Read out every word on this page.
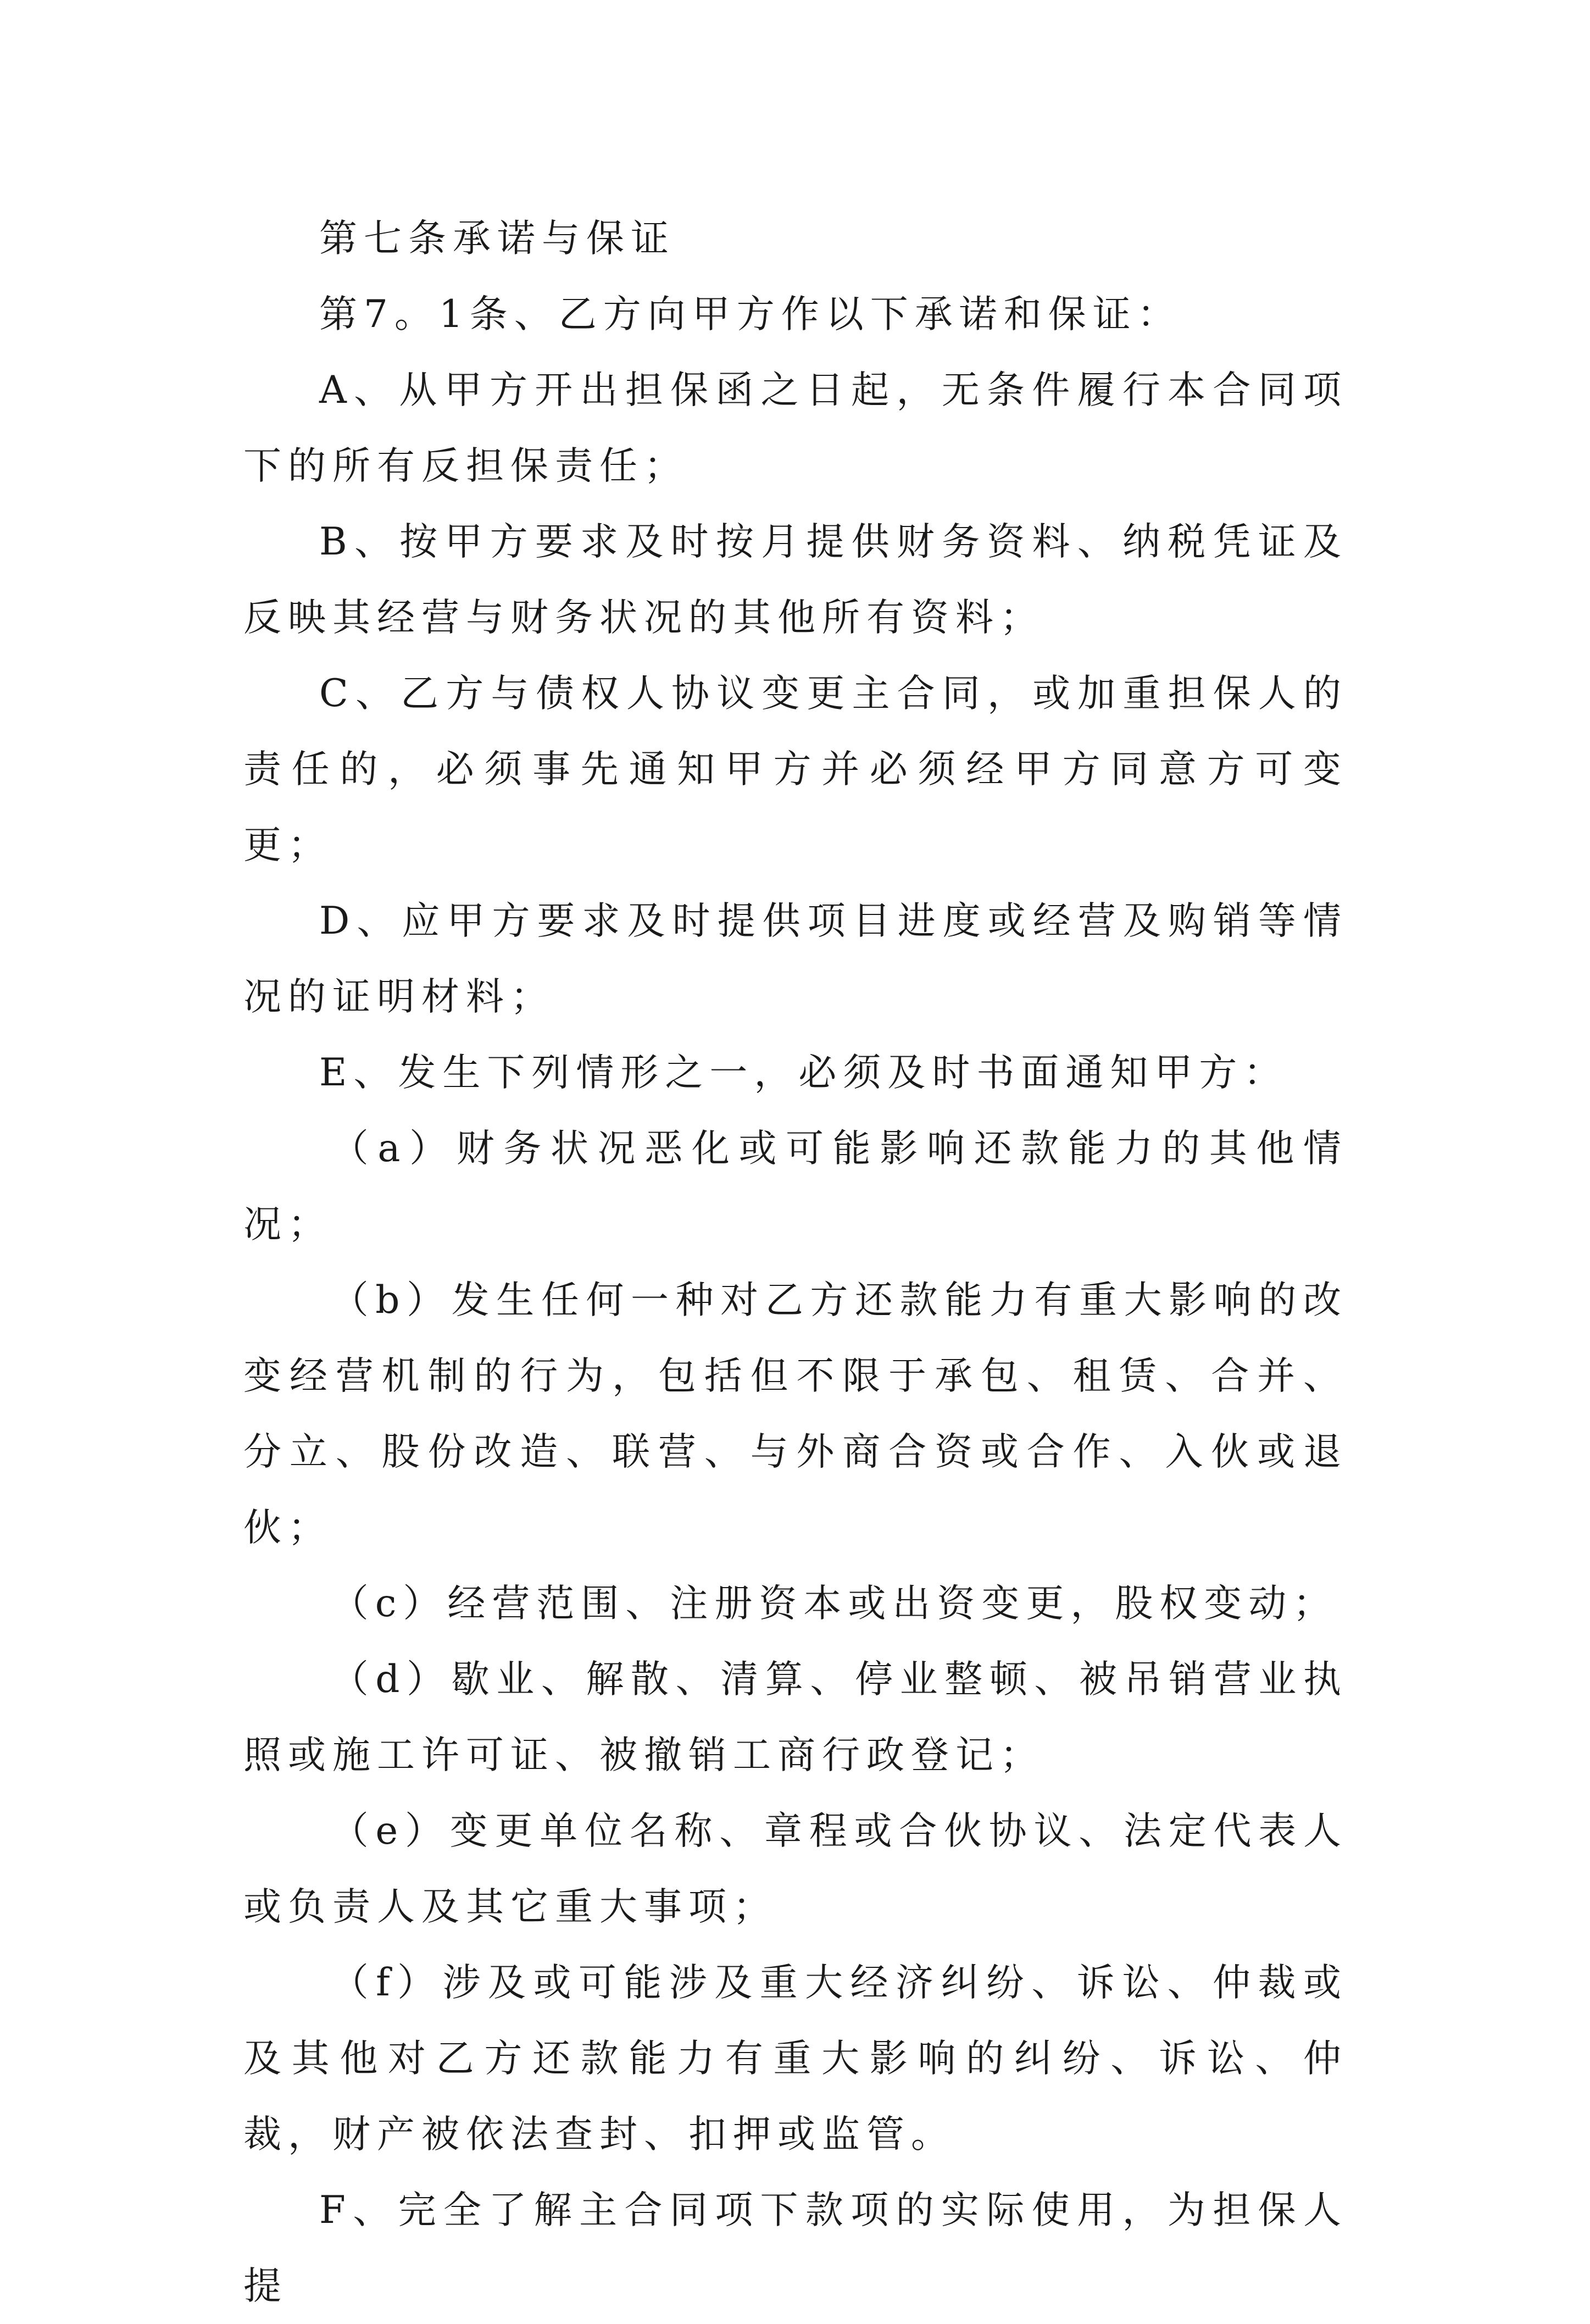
第七条承诺与保证

第7。1条、乙方向甲方作以下承诺和保证：

A、从甲方开出担保函之日起，无条件履行本合同项下的所有反担保责任；

B、按甲方要求及时按月提供财务资料、纳税凭证及反映其经营与财务状况的其他所有资料；

C、乙方与债权人协议变更主合同，或加重担保人的责任的，必须事先通知甲方并必须经甲方同意方可变更；

D、应甲方要求及时提供项目进度或经营及购销等情况的证明材料；

E、发生下列情形之一，必须及时书面通知甲方：

（a）财务状况恶化或可能影响还款能力的其他情况；

（b）发生任何一种对乙方还款能力有重大影响的改变经营机制的行为，包括但不限于承包、租赁、合并、分立、股份改造、联营、与外商合资或合作、入伙或退伙；

（c）经营范围、注册资本或出资变更，股权变动；

（d）歇业、解散、清算、停业整顿、被吊销营业执照或施工许可证、被撤销工商行政登记；

（e）变更单位名称、章程或合伙协议、法定代表人或负责人及其它重大事项；

（f）涉及或可能涉及重大经济纠纷、诉讼、仲裁或及其他对乙方还款能力有重大影响的纠纷、诉讼、仲裁，财产被依法查封、扣押或监管。

F、完全了解主合同项下款项的实际使用，为担保人提
